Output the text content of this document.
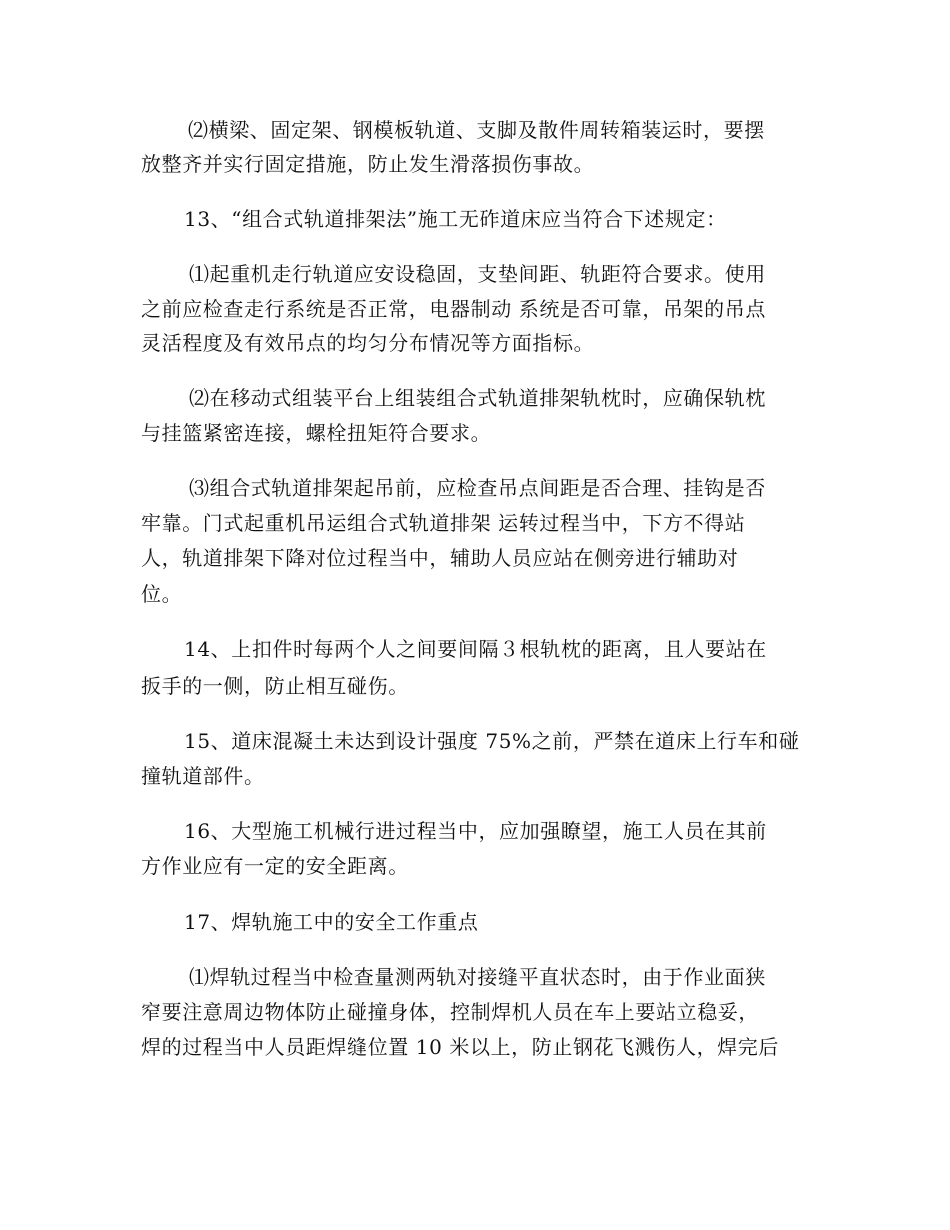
⑵横梁、固定架、钢模板轨道、支脚及散件周转箱装运时，要摆
放整齐并实行固定措施，防止发生滑落损伤事故。
13、“组合式轨道排架法”施工无砟道床应当符合下述规定：
⑴起重机走行轨道应安设稳固，支垫间距、轨距符合要求。使用
之前应检查走行系统是否正常，电器制动 系统是否可靠，吊架的吊点
灵活程度及有效吊点的均匀分布情况等方面指标。
⑵在移动式组装平台上组装组合式轨道排架轨枕时，应确保轨枕
与挂篮紧密连接，螺栓扭矩符合要求。
⑶组合式轨道排架起吊前，应检查吊点间距是否合理、挂钩是否
牢靠。门式起重机吊运组合式轨道排架 运转过程当中，下方不得站
人，轨道排架下降对位过程当中，辅助人员应站在侧旁进行辅助对
位。
14、上扣件时每两个人之间要间隔３根轨枕的距离，且人要站在
扳手的一侧，防止相互碰伤。
15、道床混凝土未达到设计强度 75%之前，严禁在道床上行车和碰
撞轨道部件。
16、大型施工机械行进过程当中，应加强瞭望，施工人员在其前
方作业应有一定的安全距离。
17、焊轨施工中的安全工作重点
⑴焊轨过程当中检查量测两轨对接缝平直状态时，由于作业面狭
窄要注意周边物体防止碰撞身体，控制焊机人员在车上要站立稳妥，
焊的过程当中人员距焊缝位置 10 米以上，防止钢花飞溅伤人，焊完后
